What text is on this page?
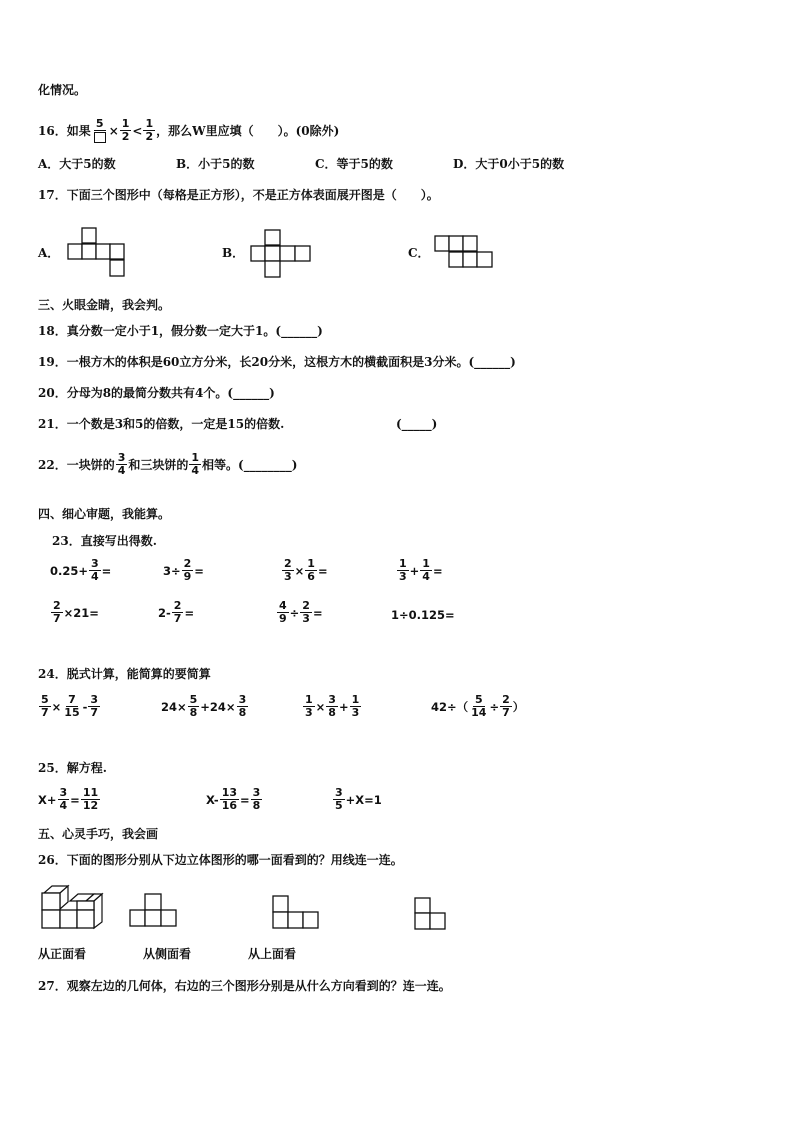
化情况。
16．如果 $5 \times \frac{1}{2} < \frac{1}{2}$ ，那么W里应填（　　）。(0除外)
A．大于5的数	B．小于5的数	C．等于5的数	D．大于0小于5的数
17．下面三个图形中（每格是正方形），不是正方体表面展开图是（　　）。
A．	B．	C．
三、火眼金睛，我会判。
18．真分数一定小于1，假分数一定大于1。(______)
19．一根方木的体积是60立方分米，长20分米，这根方木的横截面积是3分米。(______)
20．分母为8的最简分数共有4个。(______)
21．一个数是3和5的倍数，一定是15的倍数.	(_____)
22．一块饼的 $\frac{3}{4}$ 和三块饼的 $\frac{1}{4}$ 相等。(________)
四、细心审题，我能算。
23．直接写出得数.
$0.25+ \frac{3}{4}$ =	$3\div \frac{2}{9}$ =	$\frac{2}{3} \times \frac{1}{6}$ =	$\frac{1}{3} + \frac{1}{4}$ =
$\frac{2}{7} \times 21=$	$2- \frac{2}{7}$ =	$\frac{4}{9} \div \frac{2}{3}$ =	1÷0.125=
24．脱式计算，能简算的要简算
$\frac{5}{7} \times \frac{7}{15} - \frac{3}{7}$	$24\times \frac{5}{8} +24\times \frac{3}{8}$	$\frac{1}{3} \times \frac{3}{8} + \frac{1}{3}$	$42\div( \frac{5}{14} \div \frac{2}{7}$ ）
25．解方程.
$X+ \frac{3}{4} = \frac{11}{12}$	$X- \frac{13}{16} = \frac{3}{8}$	$\frac{3}{5} +X=1$
五、心灵手巧，我会画
26．下面的图形分别从下边立体图形的哪一面看到的？用线连一连。
从正面看	从侧面看	从上面看
27．观察左边的几何体，右边的三个图形分别是从什么方向看到的？连一连。
